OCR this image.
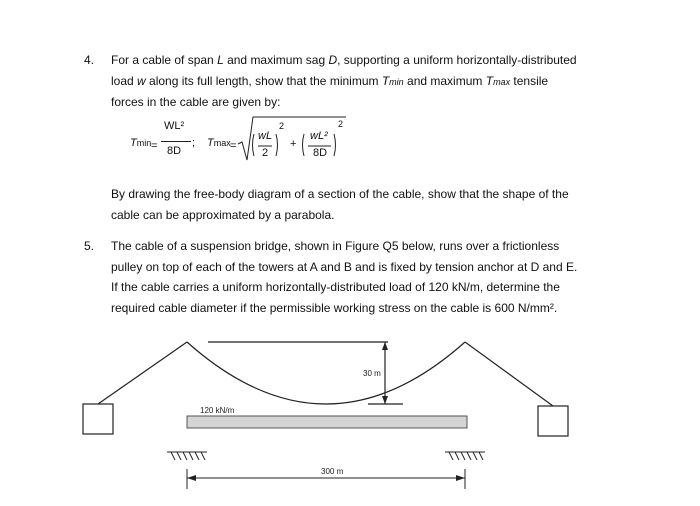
4. For a cable of span L and maximum sag D, supporting a uniform horizontally-distributed
load w along its full length, show that the minimum Tmin and maximum Tmax tensile
forces in the cable are given by:
Tmin =
WL²
8D
; Tmax =
wL
2
2
+
wL²
8D
2
By drawing the free-body diagram of a section of the cable, show that the shape of the
cable can be approximated by a parabola.
5. The cable of a suspension bridge, shown in Figure Q5 below, runs over a frictionless
pulley on top of each of the towers at A and B and is fixed by tension anchor at D and E.
If the cable carries a uniform horizontally-distributed load of 120 kN/m, determine the
required cable diameter if the permissible working stress on the cable is 600 N/mm².
30 m
120 kN/m
300 m
